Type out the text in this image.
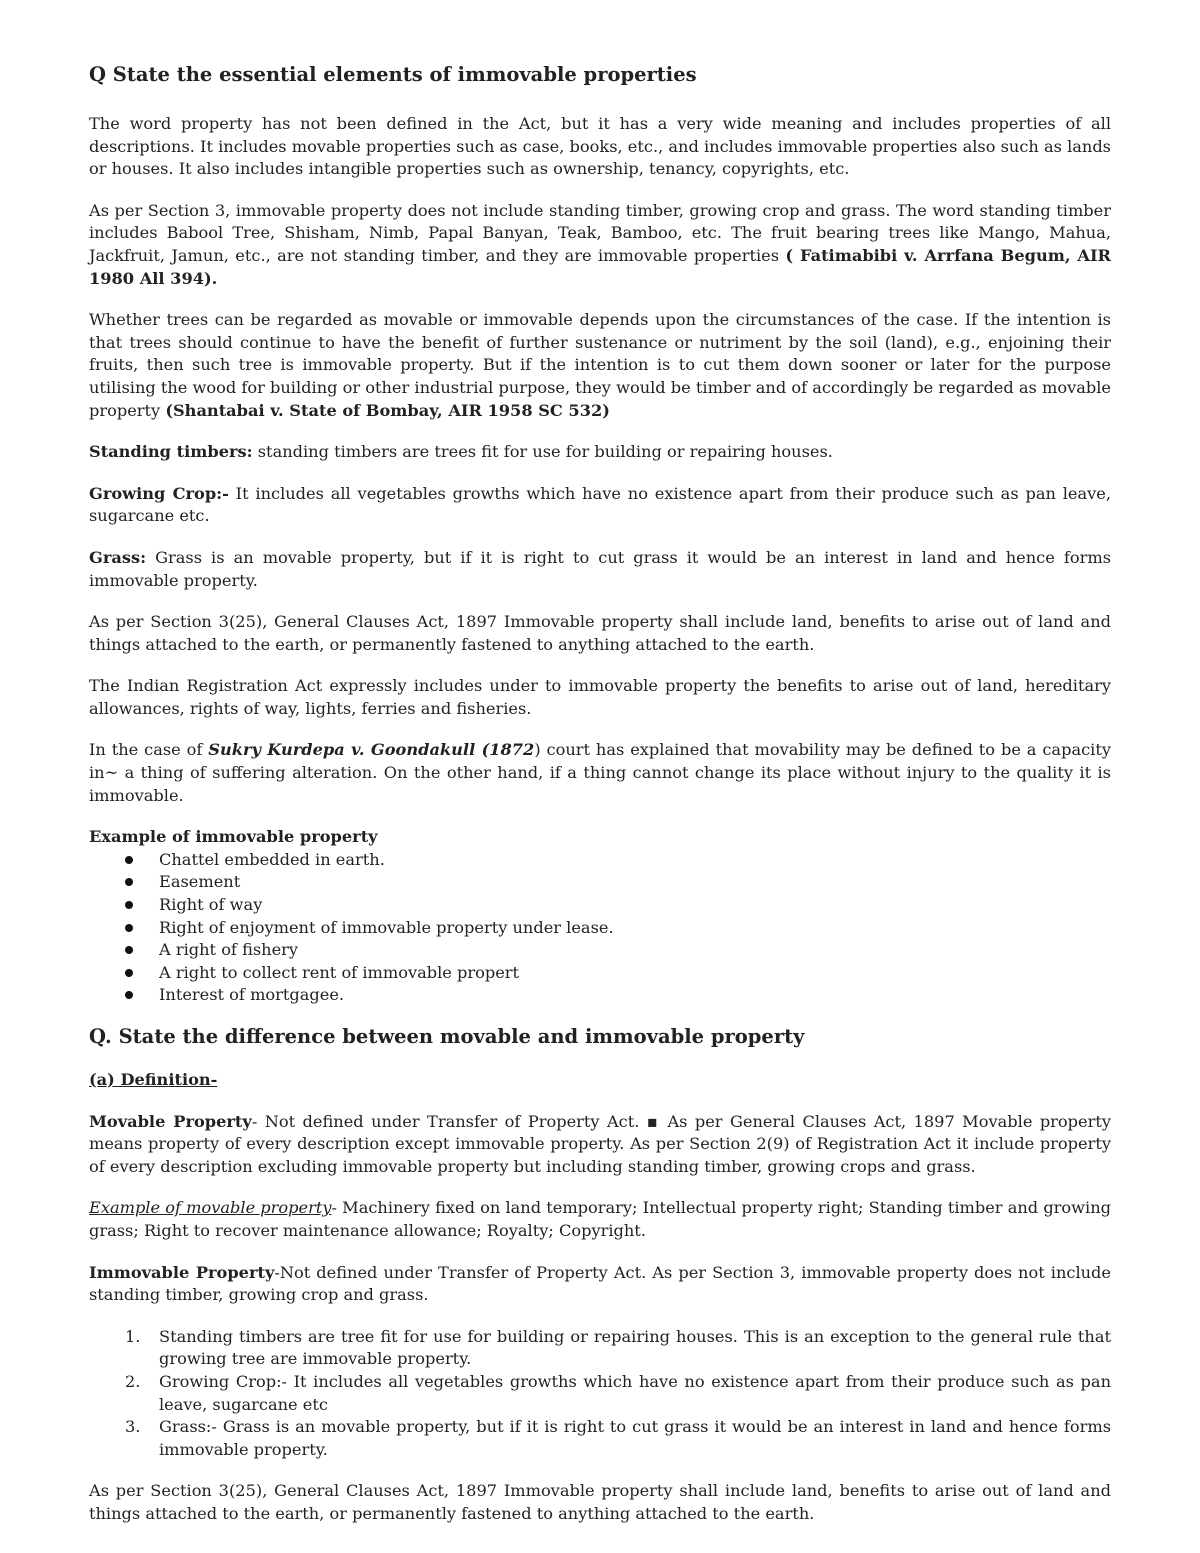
Q State the essential elements of immovable properties

The word property has not been defined in the Act, but it has a very wide meaning and includes properties of all descriptions. It includes movable properties such as case, books, etc., and includes immovable properties also such as lands or houses. It also includes intangible properties such as ownership, tenancy, copyrights, etc.

As per Section 3, immovable property does not include standing timber, growing crop and grass. The word standing timber includes Babool Tree, Shisham, Nimb, Papal Banyan, Teak, Bamboo, etc. The fruit bearing trees like Mango, Mahua, Jackfruit, Jamun, etc., are not standing timber, and they are immovable properties ( Fatimabibi v. Arrfana Begum, AIR 1980 All 394).

Whether trees can be regarded as movable or immovable depends upon the circumstances of the case. If the intention is that trees should continue to have the benefit of further sustenance or nutriment by the soil (land), e.g., enjoining their fruits, then such tree is immovable property. But if the intention is to cut them down sooner or later for the purpose utilising the wood for building or other industrial purpose, they would be timber and of accordingly be regarded as movable property (Shantabai v. State of Bombay, AIR 1958 SC 532)

Standing timbers: standing timbers are trees fit for use for building or repairing houses.

Growing Crop:- It includes all vegetables growths which have no existence apart from their produce such as pan leave, sugarcane etc.

Grass: Grass is an movable property, but if it is right to cut grass it would be an interest in land and hence forms immovable property.

As per Section 3(25), General Clauses Act, 1897 Immovable property shall include land, benefits to arise out of land and things attached to the earth, or permanently fastened to anything attached to the earth.

The Indian Registration Act expressly includes under to immovable property the benefits to arise out of land, hereditary allowances, rights of way, lights, ferries and fisheries.

In the case of Sukry Kurdepa v. Goondakull (1872) court has explained that movability may be defined to be a capacity in~ a thing of suffering alteration. On the other hand, if a thing cannot change its place without injury to the quality it is immovable.

Example of immovable property

Chattel embedded in earth.
Easement
Right of way
Right of enjoyment of immovable property under lease.
A right of fishery
A right to collect rent of immovable propert
Interest of mortgagee.
Q. State the difference between movable and immovable property

(a) Definition-

Movable Property- Not defined under Transfer of Property Act. ▪ As per General Clauses Act, 1897 Movable property means property of every description except immovable property. As per Section 2(9) of Registration Act it include property of every description excluding immovable property but including standing timber, growing crops and grass.

Example of movable property- Machinery fixed on land temporary; Intellectual property right; Standing timber and growing grass; Right to recover maintenance allowance; Royalty; Copyright.

Immovable Property-Not defined under Transfer of Property Act. As per Section 3, immovable property does not include standing timber, growing crop and grass.

1. Standing timbers are tree fit for use for building or repairing houses. This is an exception to the general rule that growing tree are immovable property.
2. Growing Crop:- It includes all vegetables growths which have no existence apart from their produce such as pan leave, sugarcane etc
3. Grass:- Grass is an movable property, but if it is right to cut grass it would be an interest in land and hence forms immovable property.

As per Section 3(25), General Clauses Act, 1897 Immovable property shall include land, benefits to arise out of land and things attached to the earth, or permanently fastened to anything attached to the earth.
